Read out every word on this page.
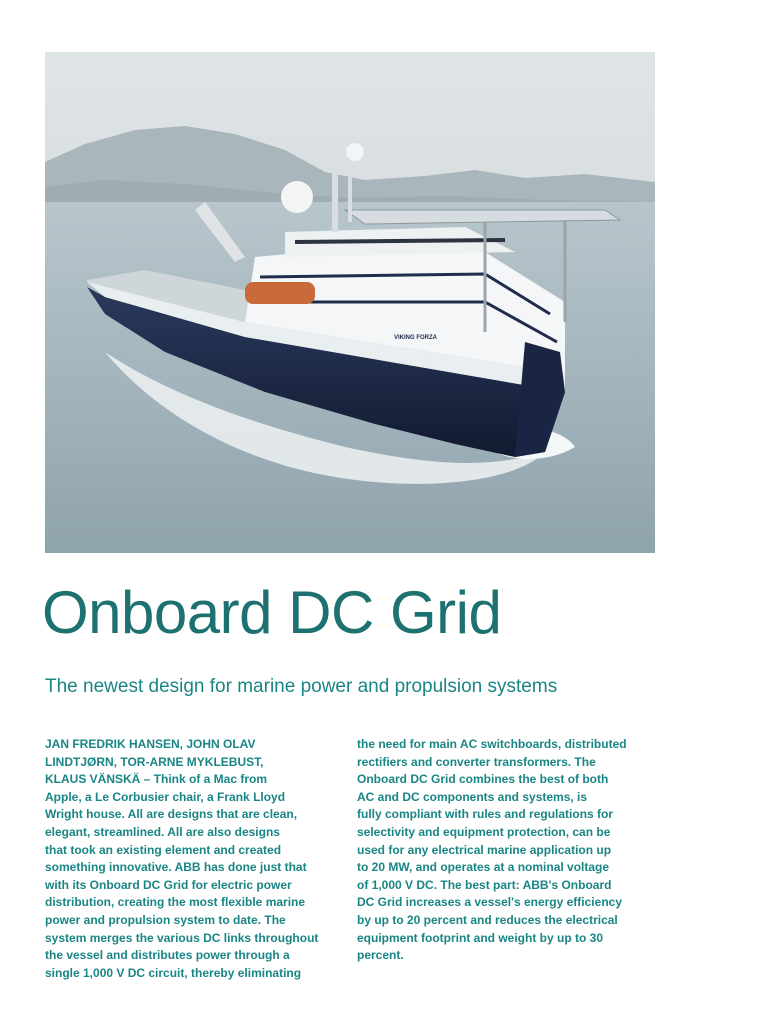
VIKING FORZA
Onboard DC Grid

The newest design for marine power and propulsion systems

JAN FREDRIK HANSEN, JOHN OLAV
LINDTJØRN, TOR-ARNE MYKLEBUST,
KLAUS VÄNSKÄ – Think of a Mac from
Apple, a Le Corbusier chair, a Frank Lloyd
Wright house. All are designs that are clean,
elegant, streamlined. All are also designs
that took an existing element and created
something innovative. ABB has done just that
with its Onboard DC Grid for electric power
distribution, creating the most flexible marine
power and propulsion system to date. The
system merges the various DC links throughout
the vessel and distributes power through a
single 1,000 V DC circuit, thereby eliminating
the need for main AC switchboards, distributed
rectifiers and converter transformers. The
Onboard DC Grid combines the best of both
AC and DC components and systems, is
fully compliant with rules and regulations for
selectivity and equipment protection, can be
used for any electrical marine application up
to 20 MW, and operates at a nominal voltage
of 1,000 V DC. The best part: ABB's Onboard
DC Grid increases a vessel's energy efficiency
by up to 20 percent and reduces the electrical
equipment footprint and weight by up to 30
percent.
